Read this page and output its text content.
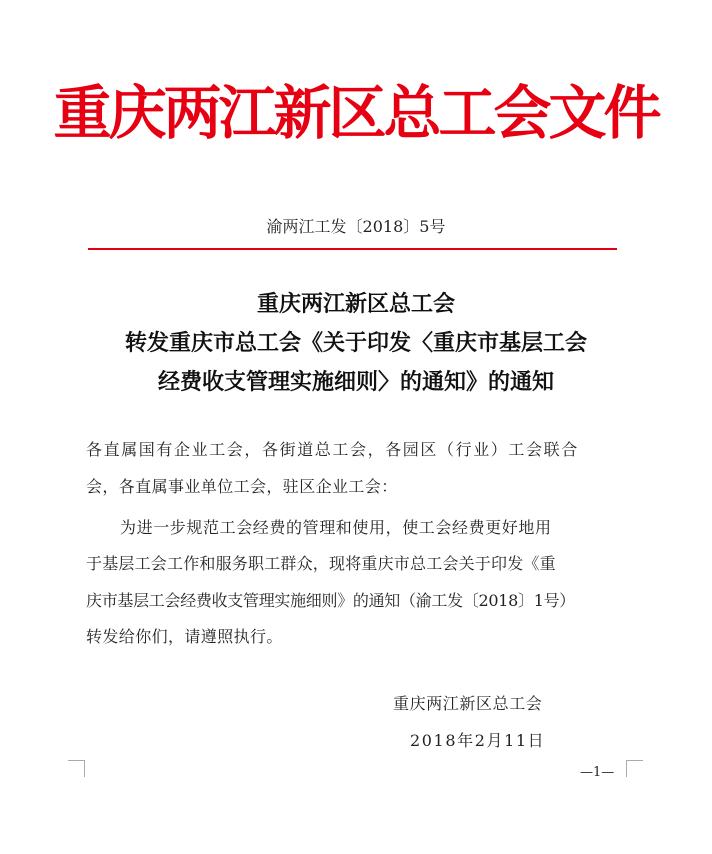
重庆两江新区总工会文件
渝两江工发〔2018〕5号
重庆两江新区总工会
转发重庆市总工会《关于印发〈重庆市基层工会
经费收支管理实施细则〉的通知》的通知
各直属国有企业工会，各街道总工会，各园区（行业）工会联合
会，各直属事业单位工会，驻区企业工会：
为进一步规范工会经费的管理和使用，使工会经费更好地用
于基层工会工作和服务职工群众，现将重庆市总工会关于印发《重
庆市基层工会经费收支管理实施细则》的通知（渝工发〔2018〕1号）
转发给你们，请遵照执行。
重庆两江新区总工会
2018年2月11日
—1—
